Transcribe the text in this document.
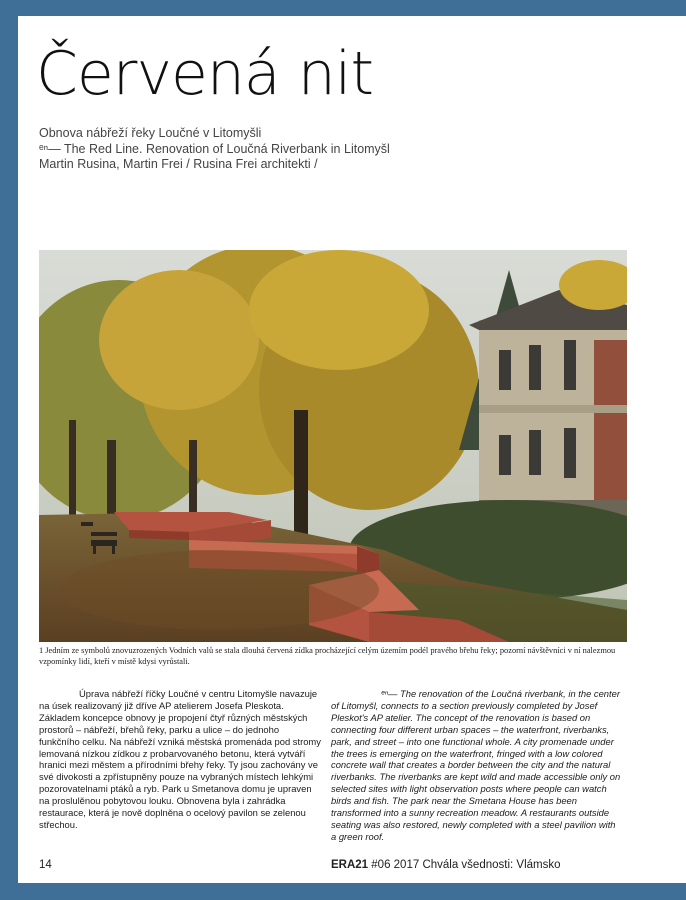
Červená nit
Obnova nábřeží řeky Loučné v Litomyšli
ᵉⁿ— The Red Line. Renovation of Loučná Riverbank in Litomyšl
Martin Rusina, Martin Frei / Rusina Frei architekti /
1 Jedním ze symbolů znovuzrozených Vodních valů se stala dlouhá červená zídka procházející celým územím podél pravého břehu řeky; pozorní návštěvníci v ní nalezmou vzpomínky lidí, kteří v místě kdysi vyrůstali.
Úprava nábřeží říčky Loučné v centru Litomyšle navazuje na úsek realizovaný již dříve AP atelierem Josefa Pleskota. Základem koncepce obnovy je propojení čtyř různých městských prostorů – nábřeží, břehů řeky, parku a ulice – do jednoho funkčního celku. Na nábřeží vzniká městská promenáda pod stromy lemovaná nízkou zídkou z probarvovaného betonu, která vytváří hranici mezi městem a přírodními břehy řeky. Ty jsou zachovány ve své divokosti a zpřístupněny pouze na vybraných místech lehkými pozorovatelnami ptáků a ryb. Park u Smetanova domu je upraven na proslulěnou pobytovou louku. Obnovena byla i zahrádka restaurace, která je nově doplněna o ocelový pavilon se zelenou střechou.
ᵉⁿ— The renovation of the Loučná riverbank, in the center of Litomyšl, connects to a section previously completed by Josef Pleskot's AP atelier. The concept of the renovation is based on connecting four different urban spaces – the waterfront, riverbanks, park, and street – into one functional whole. A city promenade under the trees is emerging on the waterfront, fringed with a low colored concrete wall that creates a border between the city and the natural riverbanks. The riverbanks are kept wild and made accessible only on selected sites with light observation posts where people can watch birds and fish. The park near the Smetana House has been transformed into a sunny recreation meadow. A restaurants outside seating was also restored, newly completed with a steel pavilion with a green roof.
14	ERA21 #06 2017 Chvála všednosti: Vlámsko
